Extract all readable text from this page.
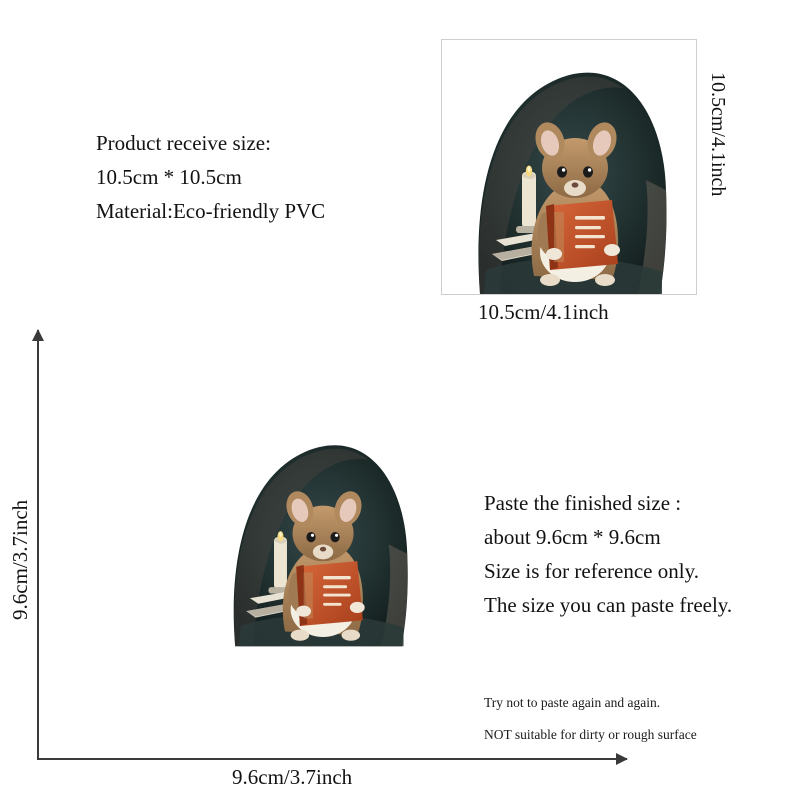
Product receive size:
10.5cm * 10.5cm
Material:Eco-friendly PVC
10.5cm/4.1inch
10.5cm/4.1inch
Paste the finished size :
about 9.6cm * 9.6cm
Size is for reference only.
The size you can paste freely.
Try not to paste again and again.
NOT suitable for dirty or rough surface
9.6cm/3.7inch
9.6cm/3.7inch
